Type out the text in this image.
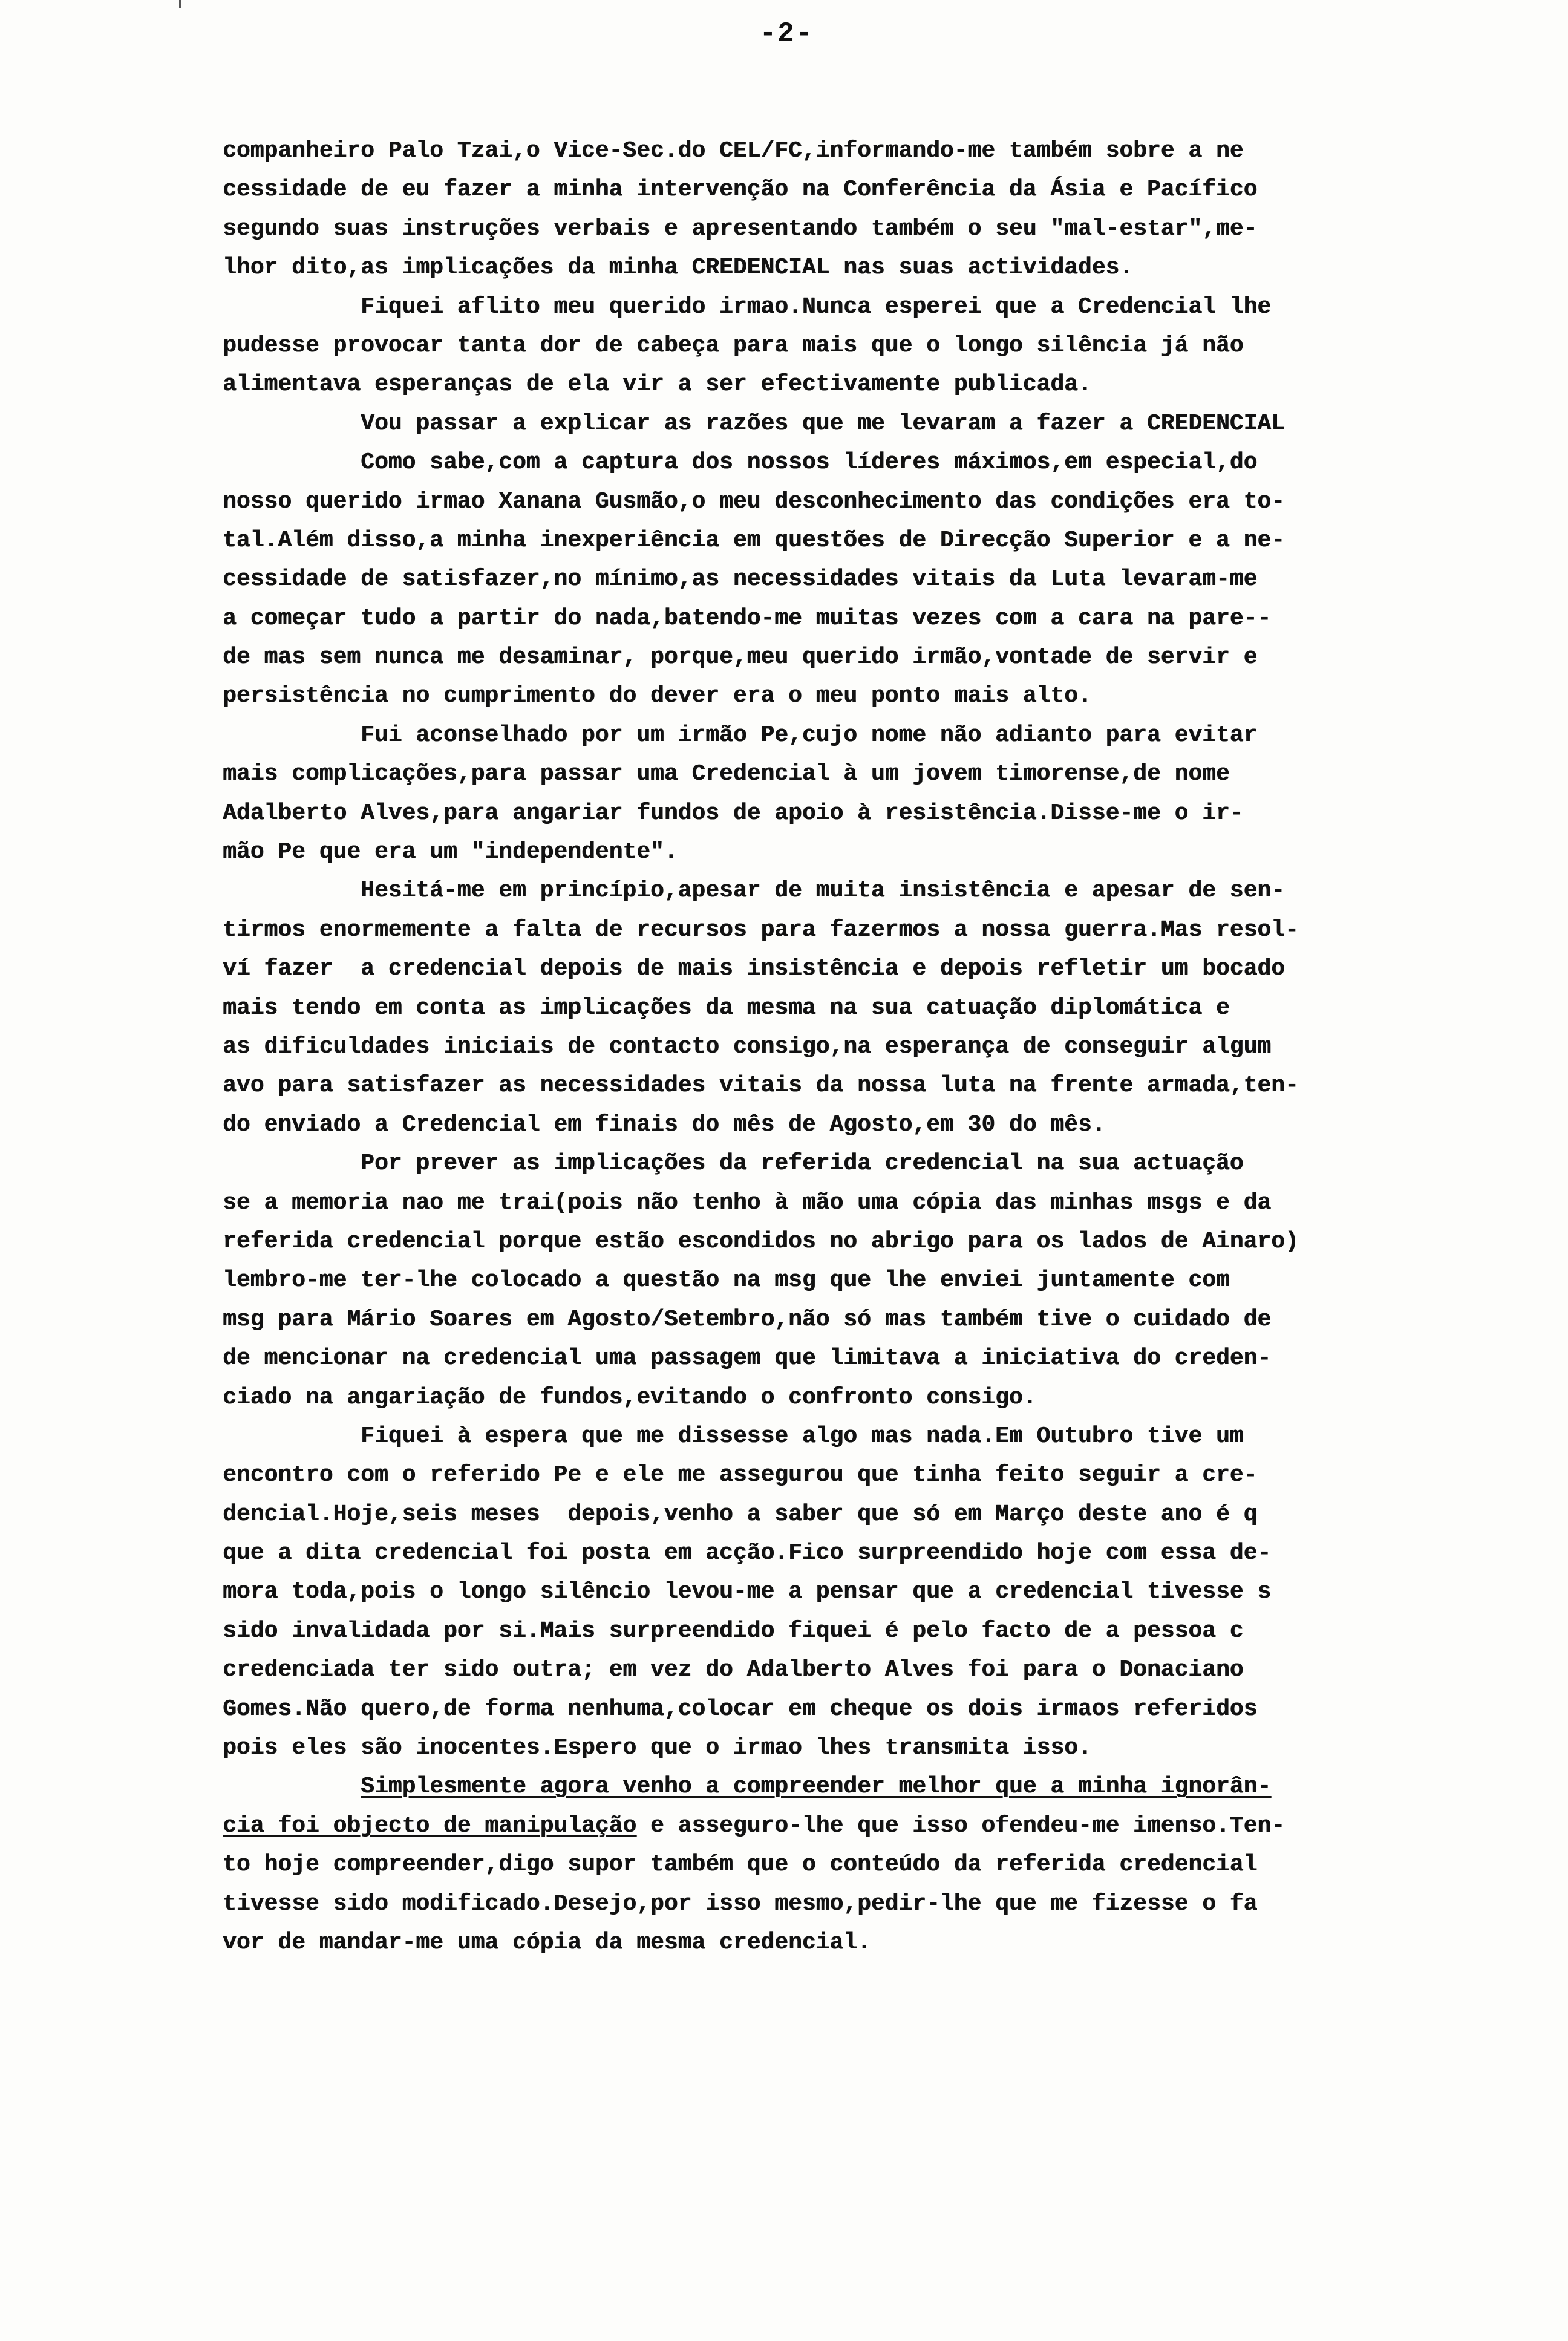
-2-
companheiro Palo Tzai,o Vice-Sec.do CEL/FC,informando-me também sobre a ne
cessidade de eu fazer a minha intervenção na Conferência da Ásia e Pacífico
segundo suas instruções verbais e apresentando também o seu "mal-estar",me-
lhor dito,as implicações da minha CREDENCIAL nas suas actividades.
Fiquei aflito meu querido irmao.Nunca esperei que a Credencial lhe
pudesse provocar tanta dor de cabeça para mais que o longo silência já não
alimentava esperanças de ela vir a ser efectivamente publicada.
Vou passar a explicar as razões que me levaram a fazer a CREDENCIAL
Como sabe,com a captura dos nossos líderes máximos,em especial,do
nosso querido irmao Xanana Gusmão,o meu desconhecimento das condições era to-
tal.Além disso,a minha inexperiência em questões de Direcção Superior e a ne-
cessidade de satisfazer,no mínimo,as necessidades vitais da Luta levaram-me
a começar tudo a partir do nada,batendo-me muitas vezes com a cara na pare--
de mas sem nunca me desaminar, porque,meu querido irmão,vontade de servir e
persistência no cumprimento do dever era o meu ponto mais alto.
Fui aconselhado por um irmão Pe,cujo nome não adianto para evitar
mais complicações,para passar uma Credencial à um jovem timorense,de nome
Adalberto Alves,para angariar fundos de apoio à resistência.Disse-me o ir-
mão Pe que era um "independente".
Hesitá-me em princípio,apesar de muita insistência e apesar de sen-
tirmos enormemente a falta de recursos para fazermos a nossa guerra.Mas resol-
ví fazer  a credencial depois de mais insistência e depois refletir um bocado
mais tendo em conta as implicações da mesma na sua catuação diplomática e
as dificuldades iniciais de contacto consigo,na esperança de conseguir algum
avo para satisfazer as necessidades vitais da nossa luta na frente armada,ten-
do enviado a Credencial em finais do mês de Agosto,em 30 do mês.
Por prever as implicações da referida credencial na sua actuação
se a memoria nao me trai(pois não tenho à mão uma cópia das minhas msgs e da
referida credencial porque estão escondidos no abrigo para os lados de Ainaro)
lembro-me ter-lhe colocado a questão na msg que lhe enviei juntamente com
msg para Mário Soares em Agosto/Setembro,não só mas também tive o cuidado de
de mencionar na credencial uma passagem que limitava a iniciativa do creden-
ciado na angariação de fundos,evitando o confronto consigo.
Fiquei à espera que me dissesse algo mas nada.Em Outubro tive um
encontro com o referido Pe e ele me assegurou que tinha feito seguir a cre-
dencial.Hoje,seis meses  depois,venho a saber que só em Março deste ano é q
que a dita credencial foi posta em acção.Fico surpreendido hoje com essa de-
mora toda,pois o longo silêncio levou-me a pensar que a credencial tivesse s
sido invalidada por si.Mais surpreendido fiquei é pelo facto de a pessoa c
credenciada ter sido outra; em vez do Adalberto Alves foi para o Donaciano
Gomes.Não quero,de forma nenhuma,colocar em cheque os dois irmaos referidos
pois eles são inocentes.Espero que o irmao lhes transmita isso.
Simplesmente agora venho a compreender melhor que a minha ignorân-
cia foi objecto de manipulação e asseguro-lhe que isso ofendeu-me imenso.Ten-
to hoje compreender,digo supor também que o conteúdo da referida credencial
tivesse sido modificado.Desejo,por isso mesmo,pedir-lhe que me fizesse o fa
vor de mandar-me uma cópia da mesma credencial.
